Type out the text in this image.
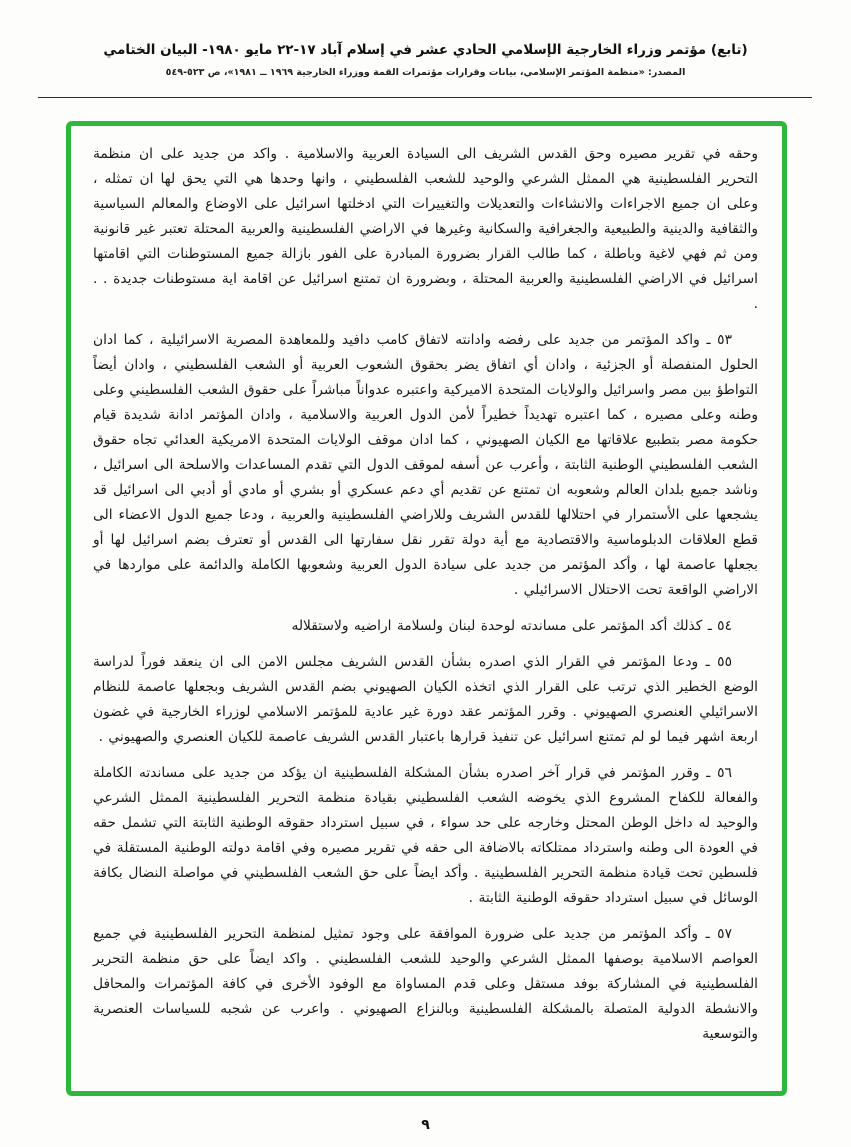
(تابع) مؤتمر وزراء الخارجية الإسلامي الحادي عشر في إسلام آباد ١٧-٢٢ مايو ١٩٨٠- البيان الختامي
المصدر: «منظمة المؤتمر الإسلامي، بيانات وقرارات مؤتمرات القمة ووزراء الخارجية ١٩٦٩ ــ ١٩٨١»، ص ٥٢٣-٥٤٩

وحقه في تقرير مصيره وحق القدس الشريف الى السيادة العربية والاسلامية . واكد من جديد على ان منظمة التحرير الفلسطينية هي الممثل الشرعي والوحيد للشعب الفلسطيني ، وانها وحدها هي التي يحق لها ان تمثله ، وعلى ان جميع الاجراءات والانشاءات والتعديلات والتغييرات التي ادخلتها اسرائيل على الاوضاع والمعالم السياسية والثقافية والدينية والطبيعية والجغرافية والسكانية وغيرها في الاراضي الفلسطينية والعربية المحتلة تعتبر غير قانونية ومن ثم فهي لاغية وباطلة ، كما طالب القرار بضرورة المبادرة على الفور بازالة جميع المستوطنات التي اقامتها اسرائيل في الاراضي الفلسطينية والعربية المحتلة ، وبضرورة ان تمتنع اسرائيل عن اقامة اية مستوطنات جديدة . . .

٥٣ ـ واكد المؤتمر من جديد على رفضه وادانته لاتفاق كامب دافيد وللمعاهدة المصرية الاسرائيلية ، كما ادان الحلول المنفصلة أو الجزئية ، وادان أي اتفاق يضر بحقوق الشعوب العربية أو الشعب الفلسطيني ، وادان أيضاً التواطؤ بين مصر واسرائيل والولايات المتحدة الاميركية واعتبره عدواناً مباشراً على حقوق الشعب الفلسطيني وعلى وطنه وعلى مصيره ، كما اعتبره تهديداً خطيراً لأمن الدول العربية والاسلامية ، وادان المؤتمر ادانة شديدة قيام حكومة مصر بتطبيع علاقاتها مع الكيان الصهيوني ، كما ادان موقف الولايات المتحدة الامريكية العدائي تجاه حقوق الشعب الفلسطيني الوطنية الثابتة ، وأعرب عن أسفه لموقف الدول التي تقدم المساعدات والاسلحة الى اسرائيل ، وناشد جميع بلدان العالم وشعوبه ان تمتنع عن تقديم أي دعم عسكري أو بشري أو مادي أو أدبي الى اسرائيل قد يشجعها على الأستمرار في احتلالها للقدس الشريف وللاراضي الفلسطينية والعربية ، ودعا جميع الدول الاعضاء الى قطع العلاقات الدبلوماسية والاقتصادية مع أية دولة تقرر نقل سفارتها الى القدس أو تعترف بضم اسرائيل لها أو بجعلها عاصمة لها ، وأكد المؤتمر من جديد على سيادة الدول العربية وشعوبها الكاملة والدائمة على مواردها في الاراضي الواقعة تحت الاحتلال الاسرائيلي .

٥٤ ـ كذلك أكد المؤتمر على مساندته لوحدة لبنان ولسلامة اراضيه ولاستقلاله

٥٥ ـ ودعا المؤتمر في القرار الذي اصدره بشأن القدس الشريف مجلس الامن الى ان ينعقد فوراً لدراسة الوضع الخطير الذي ترتب على القرار الذي اتخذه الكيان الصهيوني بضم القدس الشريف وبجعلها عاصمة للنظام الاسرائيلي العنصري الصهيوني . وقرر المؤتمر عقد دورة غير عادية للمؤتمر الاسلامي لوزراء الخارجية في غضون اربعة اشهر فيما لو لم تمتنع اسرائيل عن تنفيذ قرارها باعتبار القدس الشريف عاصمة للكيان العنصري والصهيوني .

٥٦ ـ وقرر المؤتمر في قرار آخر اصدره بشأن المشكلة الفلسطينية ان يؤكد من جديد على مساندته الكاملة والفعالة للكفاح المشروع الذي يخوضه الشعب الفلسطيني بقيادة منظمة التحرير الفلسطينية الممثل الشرعي والوحيد له داخل الوطن المحتل وخارجه على حد سواء ، في سبيل استرداد حقوقه الوطنية الثابتة التي تشمل حقه في العودة الى وطنه واسترداد ممتلكاته بالاضافة الى حقه في تقرير مصيره وفي اقامة دولته الوطنية المستقلة في فلسطين تحت قيادة منظمة التحرير الفلسطينية . وأكد ايضاً على حق الشعب الفلسطيني في مواصلة النضال بكافة الوسائل في سبيل استرداد حقوقه الوطنية الثابتة .

٥٧ ـ وأكد المؤتمر من جديد على ضرورة الموافقة على وجود تمثيل لمنظمة التحرير الفلسطينية في جميع العواصم الاسلامية بوصفها الممثل الشرعي والوحيد للشعب الفلسطيني . واكد ايضاً على حق منظمة التحرير الفلسطينية في المشاركة بوفد مستقل وعلى قدم المساواة مع الوفود الأخرى في كافة المؤتمرات والمحافل والانشطة الدولية المتصلة بالمشكلة الفلسطينية وبالنزاع الصهيوني . واعرب عن شجبه للسياسات العنصرية والتوسعية

٩
